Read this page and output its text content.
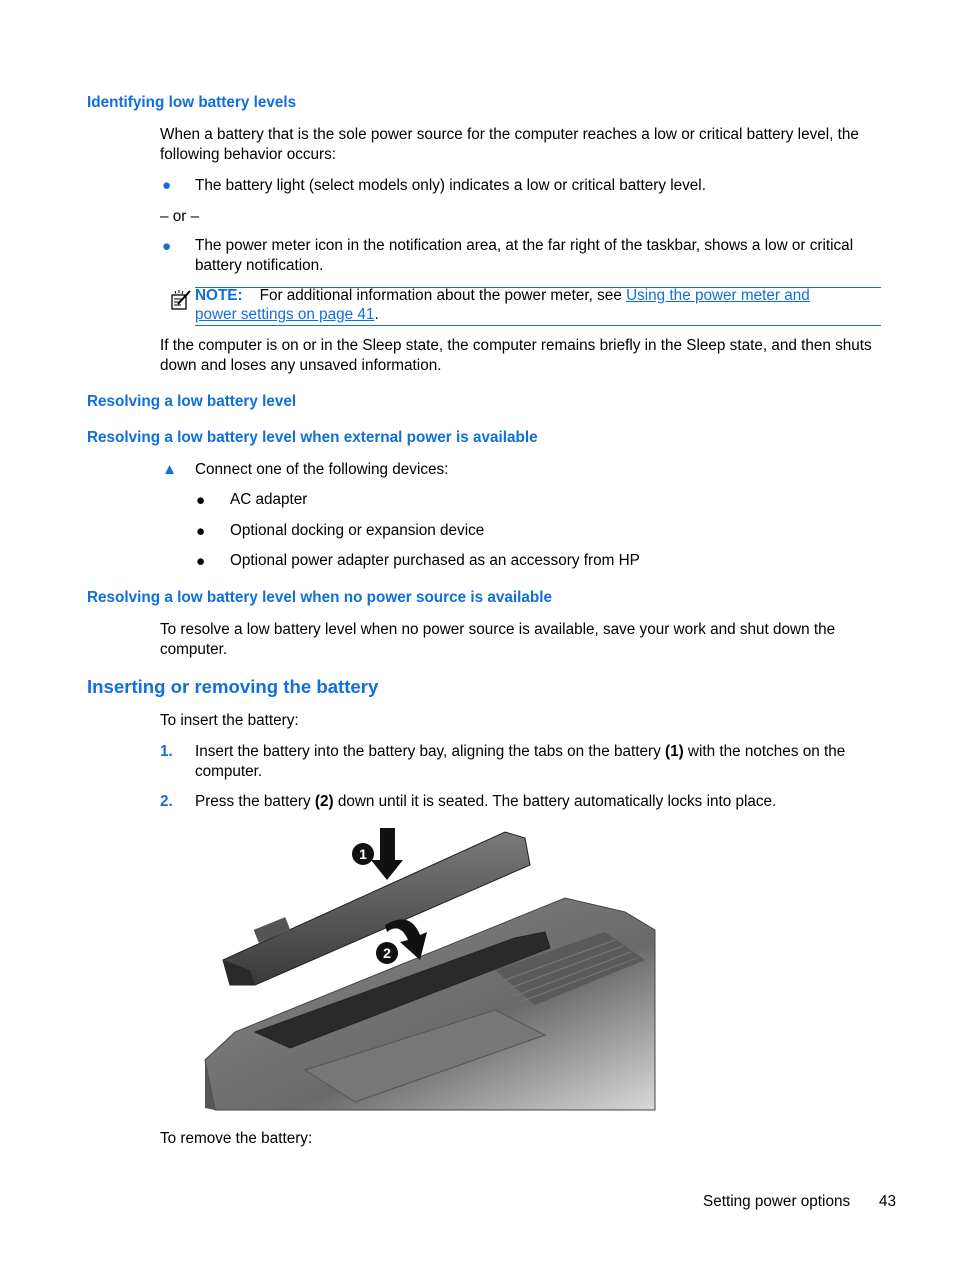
Identifying low battery levels
When a battery that is the sole power source for the computer reaches a low or critical battery level, the following behavior occurs:
● The battery light (select models only) indicates a low or critical battery level.
– or –
● The power meter icon in the notification area, at the far right of the taskbar, shows a low or critical battery notification.
NOTE: For additional information about the power meter, see Using the power meter and
power settings on page 41.
If the computer is on or in the Sleep state, the computer remains briefly in the Sleep state, and then shuts down and loses any unsaved information.
Resolving a low battery level
Resolving a low battery level when external power is available
▲ Connect one of the following devices:
● AC adapter
● Optional docking or expansion device
● Optional power adapter purchased as an accessory from HP
Resolving a low battery level when no power source is available
To resolve a low battery level when no power source is available, save your work and shut down the computer.
Inserting or removing the battery
To insert the battery:
1. Insert the battery into the battery bay, aligning the tabs on the battery (1) with the notches on the computer.
2. Press the battery (2) down until it is seated. The battery automatically locks into place.
1
2
To remove the battery:
Setting power options 43
